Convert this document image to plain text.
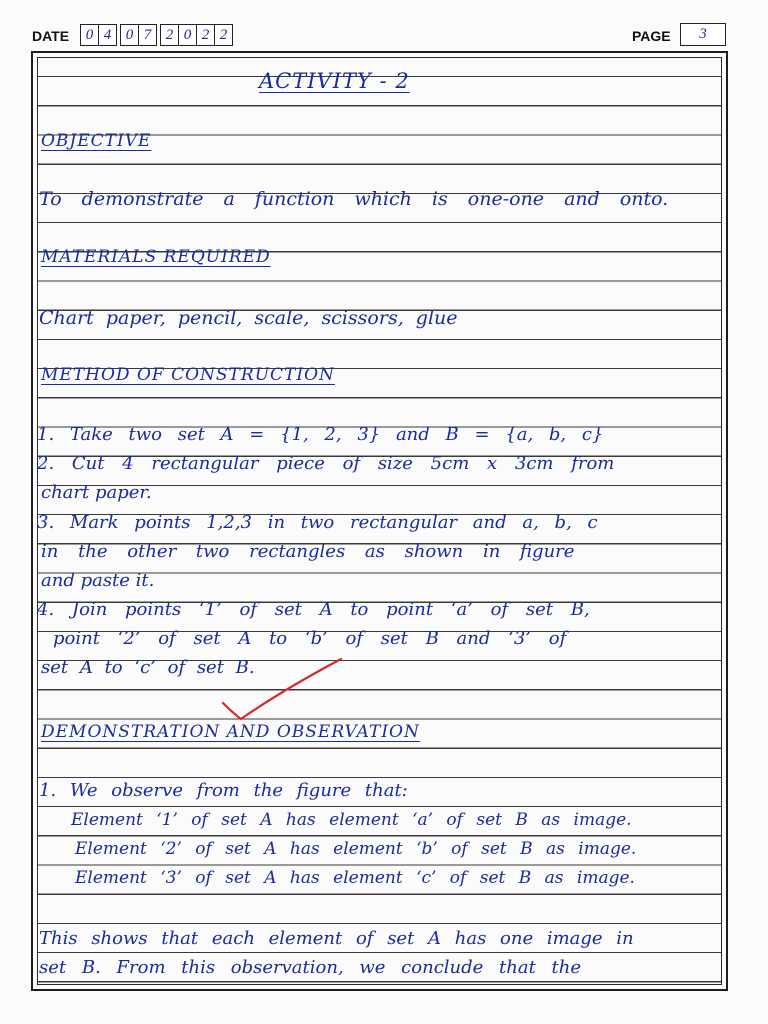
DATE	0 4 0 7 2 0 2 2	PAGE	3
ACTIVITY - 2
OBJECTIVE
To demonstrate a function which is one-one and onto.
MATERIALS REQUIRED
Chart paper, pencil, scale, scissors, glue
METHOD OF CONSTRUCTION
1. Take two set A = {1, 2, 3} and B = {a, b, c}
2. Cut 4 rectangular piece of size 5cm x 3cm from
chart paper.
3. Mark points 1,2,3 in two rectangular and a, b, c
in the other two rectangles as shown in figure
and paste it.
4. Join points ‘1’ of set A to point ‘a’ of set B,
point ‘2’ of set A to ‘b’ of set B and ‘3’ of
set A to ‘c’ of set B.
DEMONSTRATION AND OBSERVATION
1. We observe from the figure that:
Element ‘1’ of set A has element ‘a’ of set B as image.
Element ‘2’ of set A has element ‘b’ of set B as image.
Element ‘3’ of set A has element ‘c’ of set B as image.
This shows that each element of set A has one image in
set B. From this observation, we conclude that the
